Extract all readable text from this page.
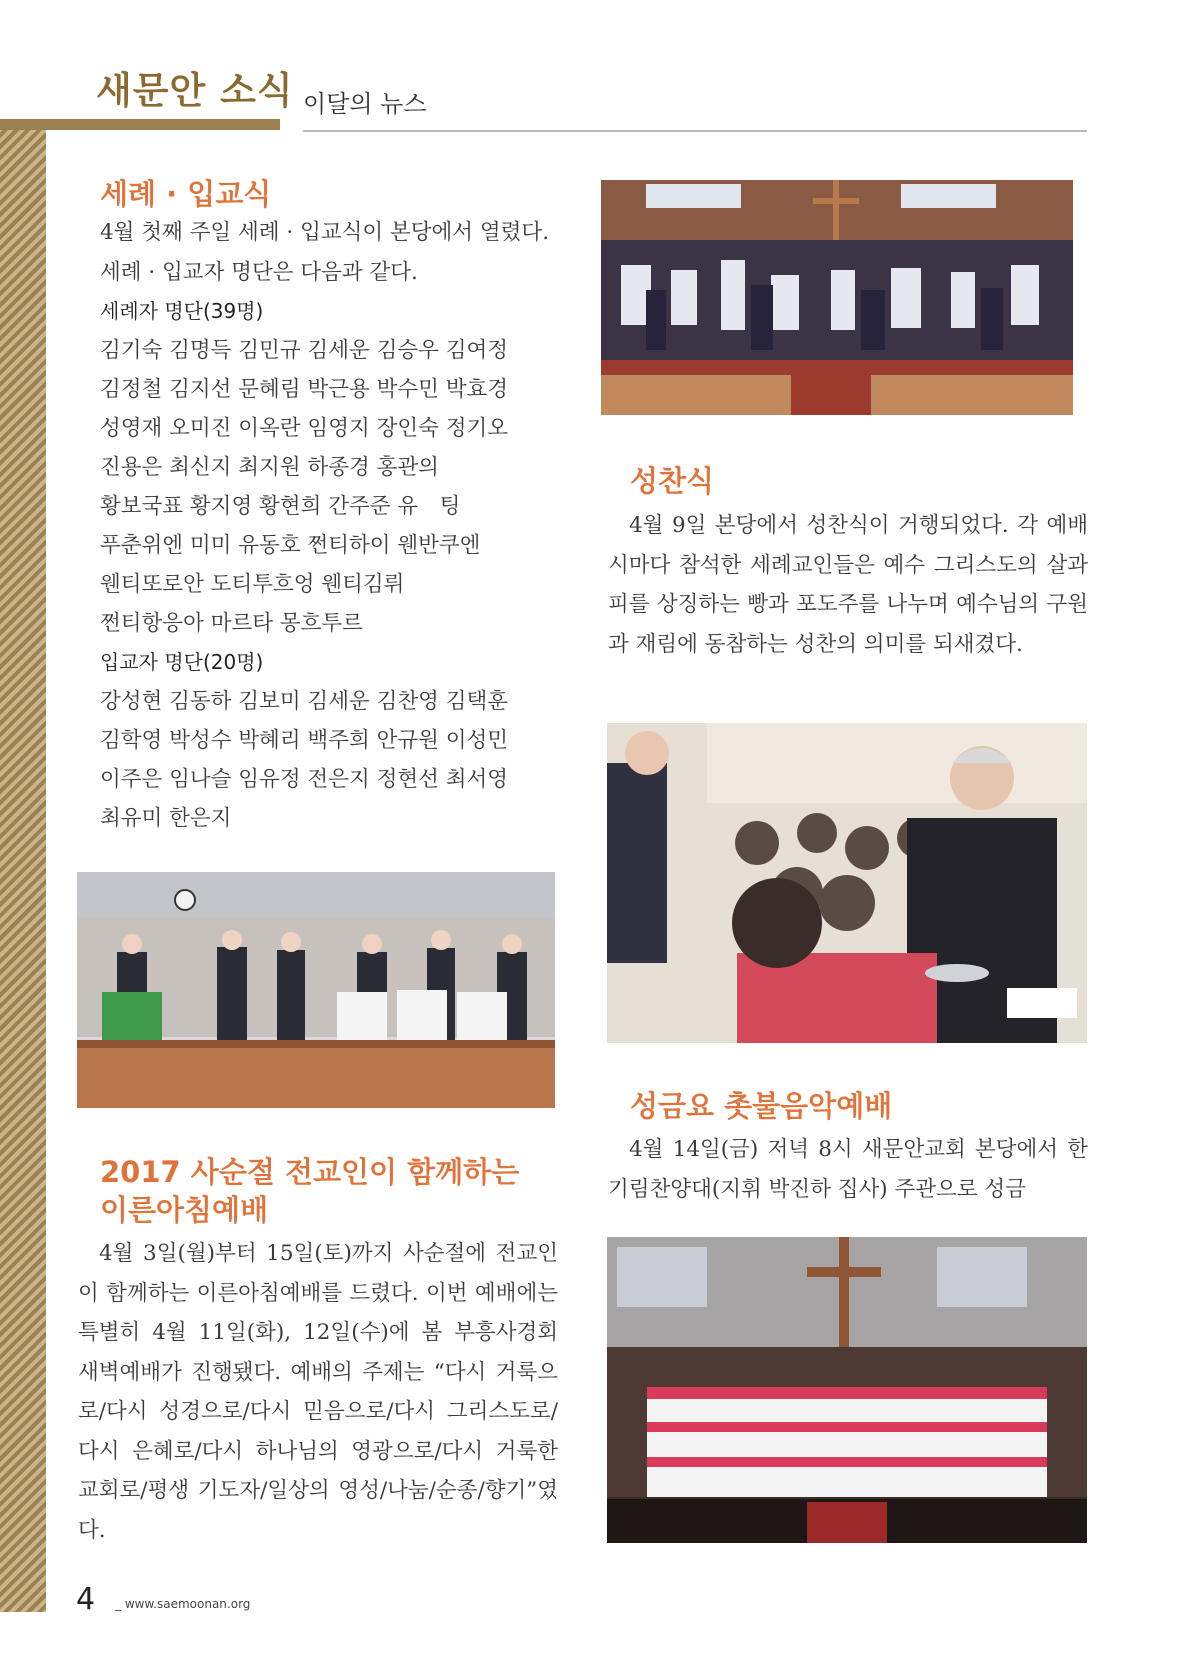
새문안 소식 이달의 뉴스
세례 · 입교식

4월 첫째 주일 세례 · 입교식이 본당에서 열렸다.

세례 · 입교자 명단은 다음과 같다.

세례자 명단(39명)

김기숙 김명득 김민규 김세운 김승우 김여정

김정철 김지선 문혜림 박근용 박수민 박효경

성영재 오미진 이옥란 임영지 장인숙 정기오

진용은 최신지 최지원 하종경 홍관의

황보국표 황지영 황현희 간주준 유　팅

푸춘위엔 미미 유동호 쩐티하이 웬반쿠엔

웬티또로안 도티투흐엉 웬티김뤼

쩐티항응아 마르타 몽흐투르

입교자 명단(20명)

강성현 김동하 김보미 김세운 김찬영 김택훈

김학영 박성수 박혜리 백주희 안규원 이성민

이주은 임나슬 임유정 전은지 정현선 최서영

최유미 한은지

2017 사순절 전교인이 함께하는
이른아침예배

4월 3일(월)부터 15일(토)까지 사순절에 전교인이 함께하는 이른아침예배를 드렸다. 이번 예배에는 특별히 4월 11일(화), 12일(수)에 봄 부흥사경회 새벽예배가 진행됐다. 예배의 주제는 “다시 거룩으로/다시 성경으로/다시 믿음으로/다시 그리스도로/다시 은혜로/다시 하나님의 영광으로/다시 거룩한 교회로/평생 기도자/일상의 영성/나눔/순종/향기”였다.

성찬식

4월 9일 본당에서 성찬식이 거행되었다. 각 예배 시마다 참석한 세례교인들은 예수 그리스도의 살과 피를 상징하는 빵과 포도주를 나누며 예수님의 구원과 재림에 동참하는 성찬의 의미를 되새겼다.

성금요 촛불음악예배

4월 14일(금) 저녁 8시 새문안교회 본당에서 한기림찬양대(지휘 박진하 집사) 주관으로 성금

4 _ www.saemoonan.org
